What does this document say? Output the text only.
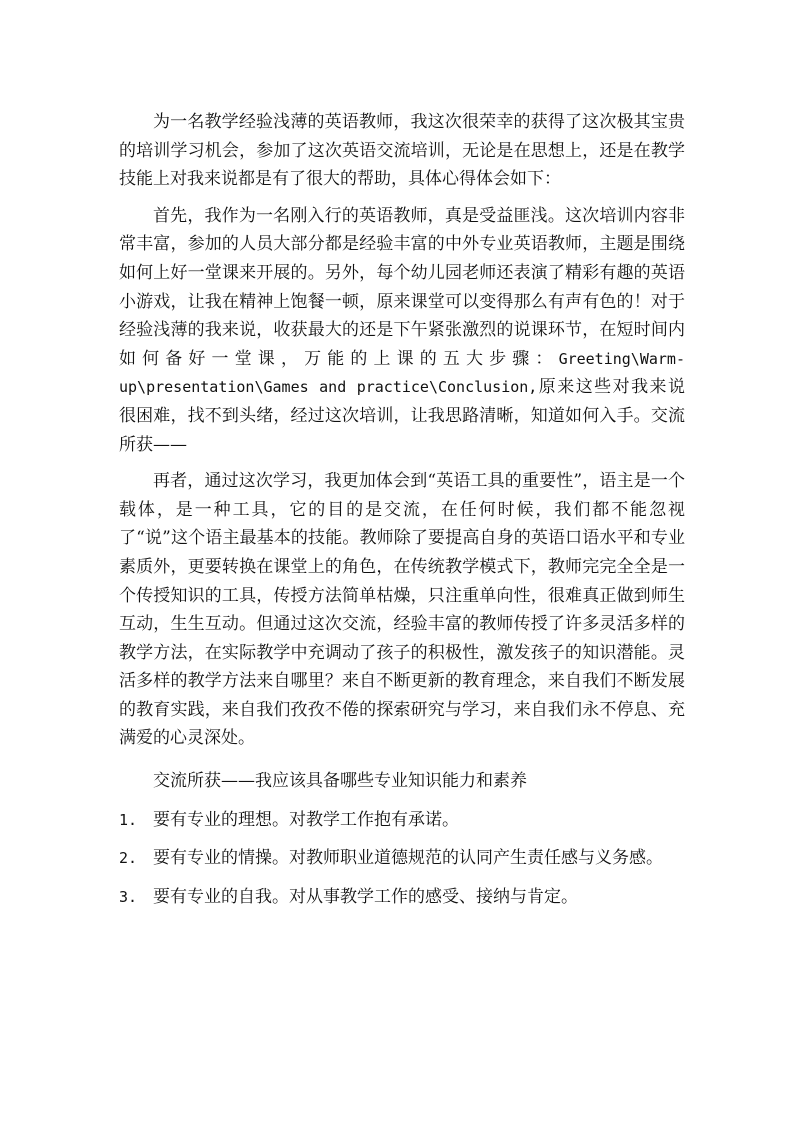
为一名教学经验浅薄的英语教师，我这次很荣幸的获得了这次极其宝贵的培训学习机会，参加了这次英语交流培训，无论是在思想上，还是在教学技能上对我来说都是有了很大的帮助，具体心得体会如下：

首先，我作为一名刚入行的英语教师，真是受益匪浅。这次培训内容非常丰富，参加的人员大部分都是经验丰富的中外专业英语教师，主题是围绕如何上好一堂课来开展的。另外，每个幼儿园老师还表演了精彩有趣的英语小游戏，让我在精神上饱餐一顿，原来课堂可以变得那么有声有色的！对于经验浅薄的我来说，收获最大的还是下午紧张激烈的说课环节，在短时间内如何备好一堂课，万能的上课的五大步骤：Greeting\Warm-up\presentation\Games and practice\Conclusion,原来这些对我来说很困难，找不到头绪，经过这次培训，让我思路清晰，知道如何入手。交流所获——

再者，通过这次学习，我更加体会到“英语工具的重要性”，语主是一个载体，是一种工具，它的目的是交流，在任何时候，我们都不能忽视了“说”这个语主最基本的技能。教师除了要提高自身的英语口语水平和专业素质外，更要转换在课堂上的角色，在传统教学模式下，教师完完全全是一个传授知识的工具，传授方法简单枯燥，只注重单向性，很难真正做到师生互动，生生互动。但通过这次交流，经验丰富的教师传授了许多灵活多样的教学方法，在实际教学中充调动了孩子的积极性，激发孩子的知识潜能。灵活多样的教学方法来自哪里？来自不断更新的教育理念，来自我们不断发展的教育实践，来自我们孜孜不倦的探索研究与学习，来自我们永不停息、充满爱的心灵深处。

交流所获——我应该具备哪些专业知识能力和素养

1. 要有专业的理想。对教学工作抱有承诺。
2. 要有专业的情操。对教师职业道德规范的认同产生责任感与义务感。
3. 要有专业的自我。对从事教学工作的感受、接纳与肯定。
